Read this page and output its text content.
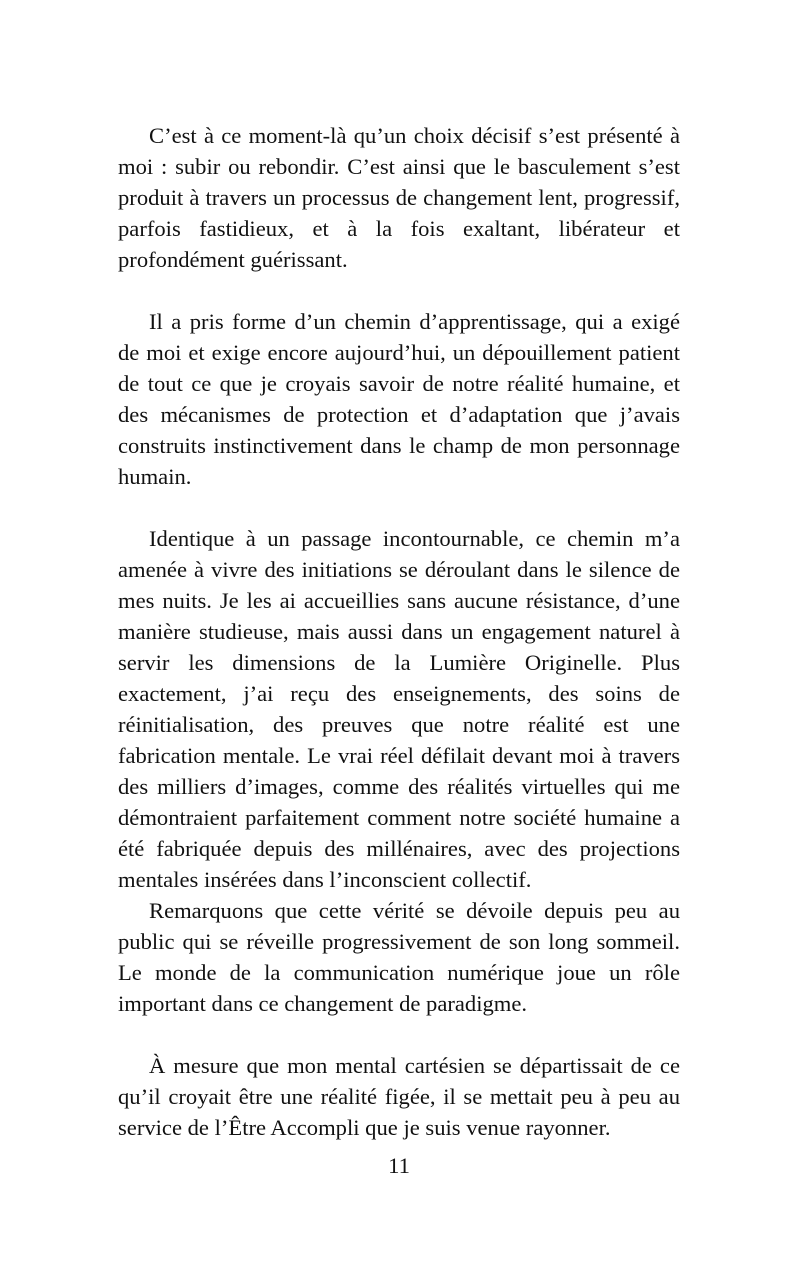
C’est à ce moment-là qu’un choix décisif s’est présenté à moi : subir ou rebondir. C’est ainsi que le basculement s’est produit à travers un processus de changement lent, progressif, parfois fastidieux, et à la fois exaltant, libérateur et profondément guérissant.

Il a pris forme d’un chemin d’apprentissage, qui a exigé de moi et exige encore aujourd’hui, un dépouillement patient de tout ce que je croyais savoir de notre réalité humaine, et des mécanismes de protection et d’adaptation que j’avais construits instinctivement dans le champ de mon personnage humain.

Identique à un passage incontournable, ce chemin m’a amenée à vivre des initiations se déroulant dans le silence de mes nuits. Je les ai accueillies sans aucune résistance, d’une manière studieuse, mais aussi dans un engagement naturel à servir les dimensions de la Lumière Originelle. Plus exactement, j’ai reçu des enseignements, des soins de réinitialisation, des preuves que notre réalité est une fabrication mentale. Le vrai réel défilait devant moi à travers des milliers d’images, comme des réalités virtuelles qui me démontraient parfaitement comment notre société humaine a été fabriquée depuis des millénaires, avec des projections mentales insérées dans l’inconscient collectif.

Remarquons que cette vérité se dévoile depuis peu au public qui se réveille progressivement de son long sommeil. Le monde de la communication numérique joue un rôle important dans ce changement de paradigme.

À mesure que mon mental cartésien se départissait de ce qu’il croyait être une réalité figée, il se mettait peu à peu au service de l’Être Accompli que je suis venue rayonner.

11
